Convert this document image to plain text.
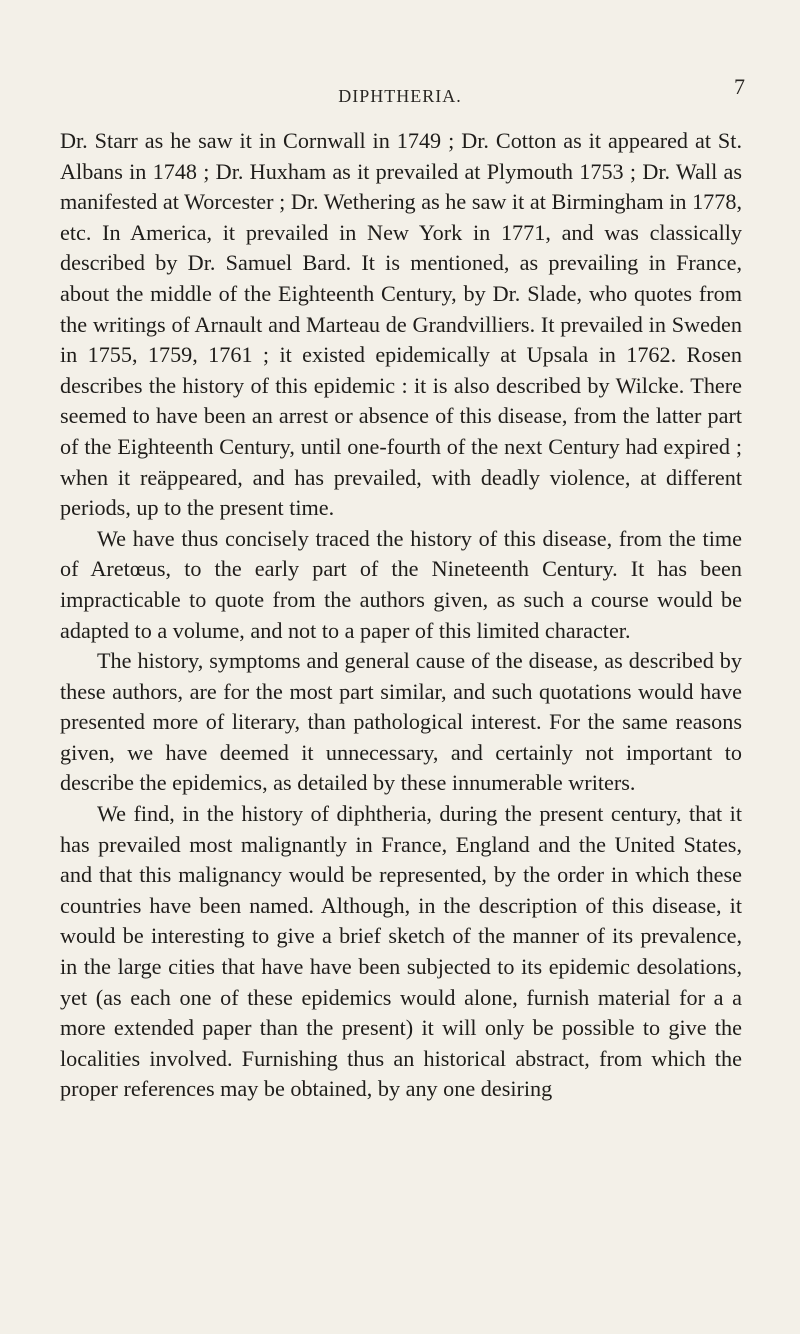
DIPHTHERIA.	7

Dr. Starr as he saw it in Cornwall in 1749 ; Dr. Cotton as it appeared at St. Albans in 1748 ; Dr. Huxham as it prevailed at Plymouth 1753 ; Dr. Wall as manifested at Worcester ; Dr. Wethering as he saw it at Birmingham in 1778, etc. In America, it prevailed in New York in 1771, and was classically described by Dr. Samuel Bard. It is mentioned, as prevailing in France, about the middle of the Eighteenth Century, by Dr. Slade, who quotes from the writings of Arnault and Marteau de Grandvilliers. It prevailed in Sweden in 1755, 1759, 1761 ; it existed epidemically at Upsala in 1762. Rosen describes the history of this epidemic : it is also described by Wilcke. There seemed to have been an arrest or absence of this disease, from the latter part of the Eighteenth Century, until one-fourth of the next Century had expired ; when it reäppeared, and has prevailed, with deadly violence, at different periods, up to the present time.

We have thus concisely traced the history of this disease, from the time of Aretœus, to the early part of the Nineteenth Century. It has been impracticable to quote from the authors given, as such a course would be adapted to a volume, and not to a paper of this limited character.

The history, symptoms and general cause of the disease, as described by these authors, are for the most part similar, and such quotations would have presented more of literary, than pathological interest. For the same reasons given, we have deemed it unnecessary, and certainly not important to describe the epidemics, as detailed by these innumerable writers.

We find, in the history of diphtheria, during the present century, that it has prevailed most malignantly in France, England and the United States, and that this malignancy would be represented, by the order in which these countries have been named. Although, in the description of this disease, it would be interesting to give a brief sketch of the manner of its prevalence, in the large cities that have have been subjected to its epidemic desolations, yet (as each one of these epidemics would alone, furnish material for a a more extended paper than the present) it will only be possible to give the localities involved. Furnishing thus an historical abstract, from which the proper references may be obtained, by any one desiring
